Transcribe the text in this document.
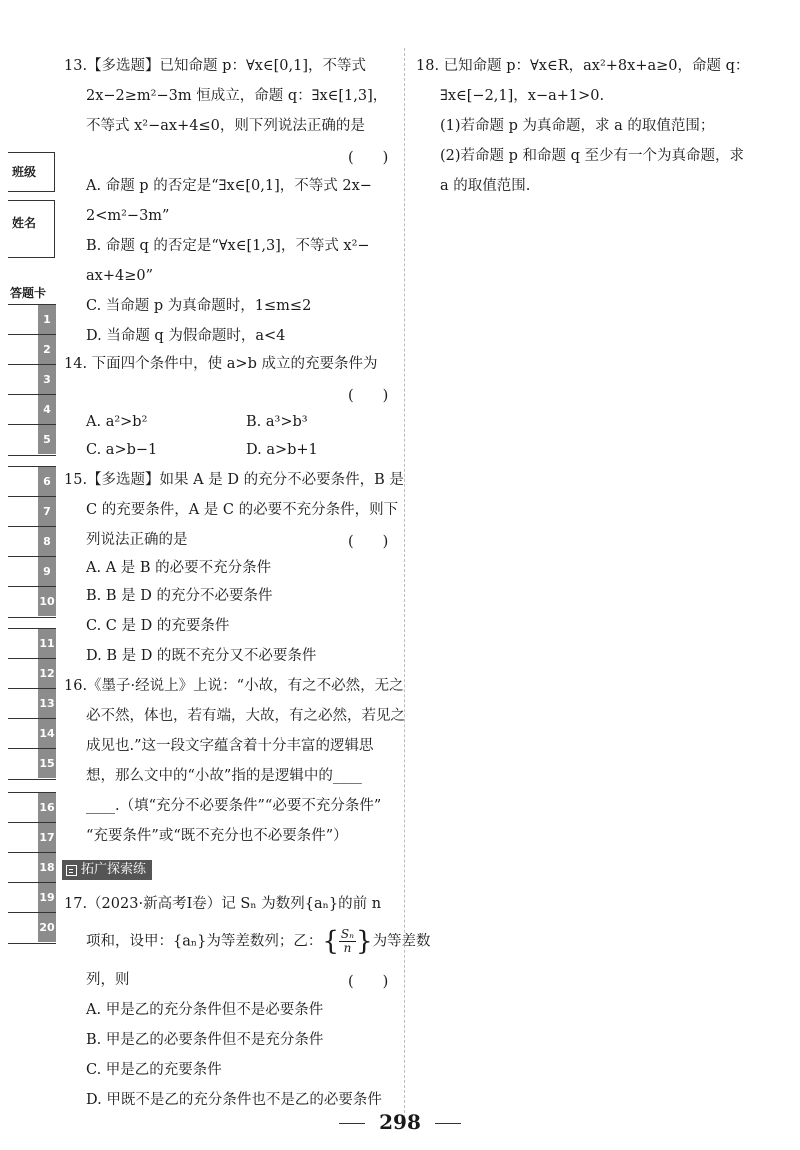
班级
姓名
答题卡
1
2
3
4
5
6
7
8
9
10
11
12
13
14
15
16
17
18
19
20
13.【多选题】已知命题 p：∀x∈[0,1]，不等式
2x−2≥m²−3m 恒成立，命题 q：∃x∈[1,3]，
不等式 x²−ax+4≤0，则下列说法正确的是
(　　)
A. 命题 p 的否定是“∃x∈[0,1]，不等式 2x−
2<m²−3m”
B. 命题 q 的否定是“∀x∈[1,3]，不等式 x²−
ax+4≥0”
C. 当命题 p 为真命题时，1≤m≤2
D. 当命题 q 为假命题时，a<4
14. 下面四个条件中，使 a>b 成立的充要条件为
(　　)
A. a²>b²	B. a³>b³
C. a>b−1	D. a>b+1
15.【多选题】如果 A 是 D 的充分不必要条件，B 是
C 的充要条件，A 是 C 的必要不充分条件，则下
列说法正确的是	(　　)
A. A 是 B 的必要不充分条件
B. B 是 D 的充分不必要条件
C. C 是 D 的充要条件
D. B 是 D 的既不充分又不必要条件
16.《墨子·经说上》上说：“小故，有之不必然，无之
必不然，体也，若有端，大故，有之必然，若见之
成见也.”这一段文字蕴含着十分丰富的逻辑思
想，那么文中的“小故”指的是逻辑中的____
____.（填“充分不必要条件”“必要不充分条件”
“充要条件”或“既不充分也不必要条件”）
拓广探索练
17.（2023·新高考Ⅰ卷）记 Sₙ 为数列{aₙ}的前 n
项和，设甲：{aₙ}为等差数列；乙：{ $\frac{\text{Sₙ}}{n}$ }为等差数
列，则	(　　)
A. 甲是乙的充分条件但不是必要条件
B. 甲是乙的必要条件但不是充分条件
C. 甲是乙的充要条件
D. 甲既不是乙的充分条件也不是乙的必要条件
18. 已知命题 p：∀x∈R，ax²+8x+a≥0，命题 q：
∃x∈[−2,1]，x−a+1>0.
(1)若命题 p 为真命题，求 a 的取值范围；
(2)若命题 p 和命题 q 至少有一个为真命题，求
a 的取值范围.
298
